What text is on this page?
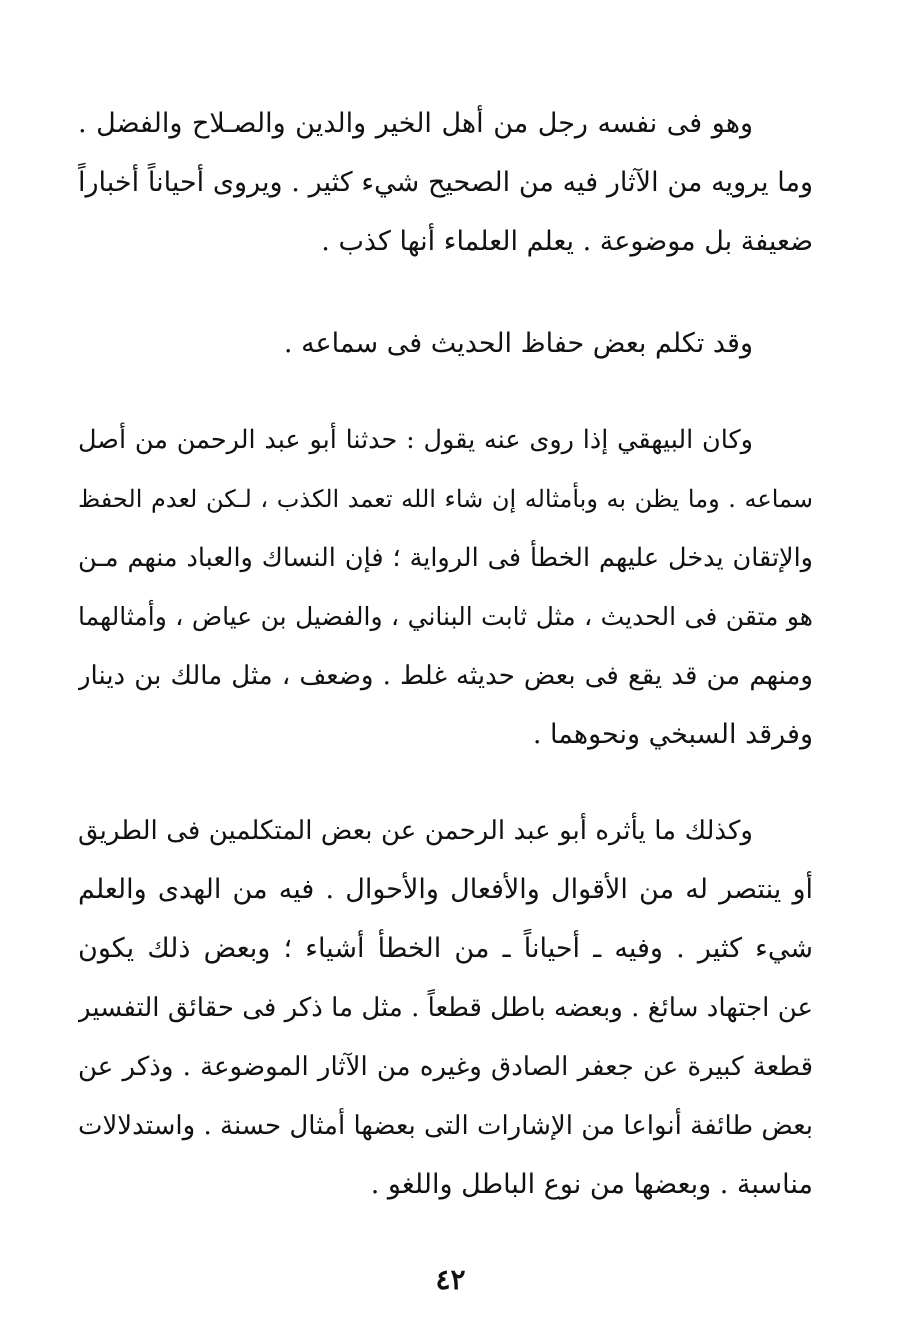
وهو فى نفسه رجل من أهل الخير والدين والصـلاح والفضل .
وما يرويه من الآثار فيه من الصحيح شيء كثير . ويروى أحياناً أخباراً
ضعيفة بل موضوعة . يعلم العلماء أنها كذب .
وقد تكلم بعض حفاظ الحديث فى سماعه .
وكان البيهقي إذا روى عنه يقول : حدثنا أبو عبد الرحمن من أصل
سماعه . وما يظن به وبأمثاله إن شاء الله تعمد الكذب ، لـكن لعدم الحفظ
والإتقان يدخل عليهم الخطأ فى الرواية ؛ فإن النساك والعباد منهم مـن
هو متقن فى الحديث ، مثل ثابت البناني ، والفضيل بن عياض ، وأمثالهما
ومنهم من قد يقع فى بعض حديثه غلط . وضعف ، مثل مالك بن دينار
وفرقد السبخي ونحوهما .
وكذلك ما يأثره أبو عبد الرحمن عن بعض المتكلمين فى الطريق
أو ينتصر له من الأقوال والأفعال والأحوال . فيه من الهدى والعلم
شيء كثير . وفيه ـ أحياناً ـ من الخطأ أشياء ؛ وبعض ذلك يكون
عن اجتهاد سائغ . وبعضه باطل قطعاً . مثل ما ذكر فى حقائق التفسير
قطعة كبيرة عن جعفر الصادق وغيره من الآثار الموضوعة . وذكر عن
بعض طائفة أنواعا من الإشارات التى بعضها أمثال حسنة . واستدلالات
مناسبة . وبعضها من نوع الباطل واللغو .
٤٢
